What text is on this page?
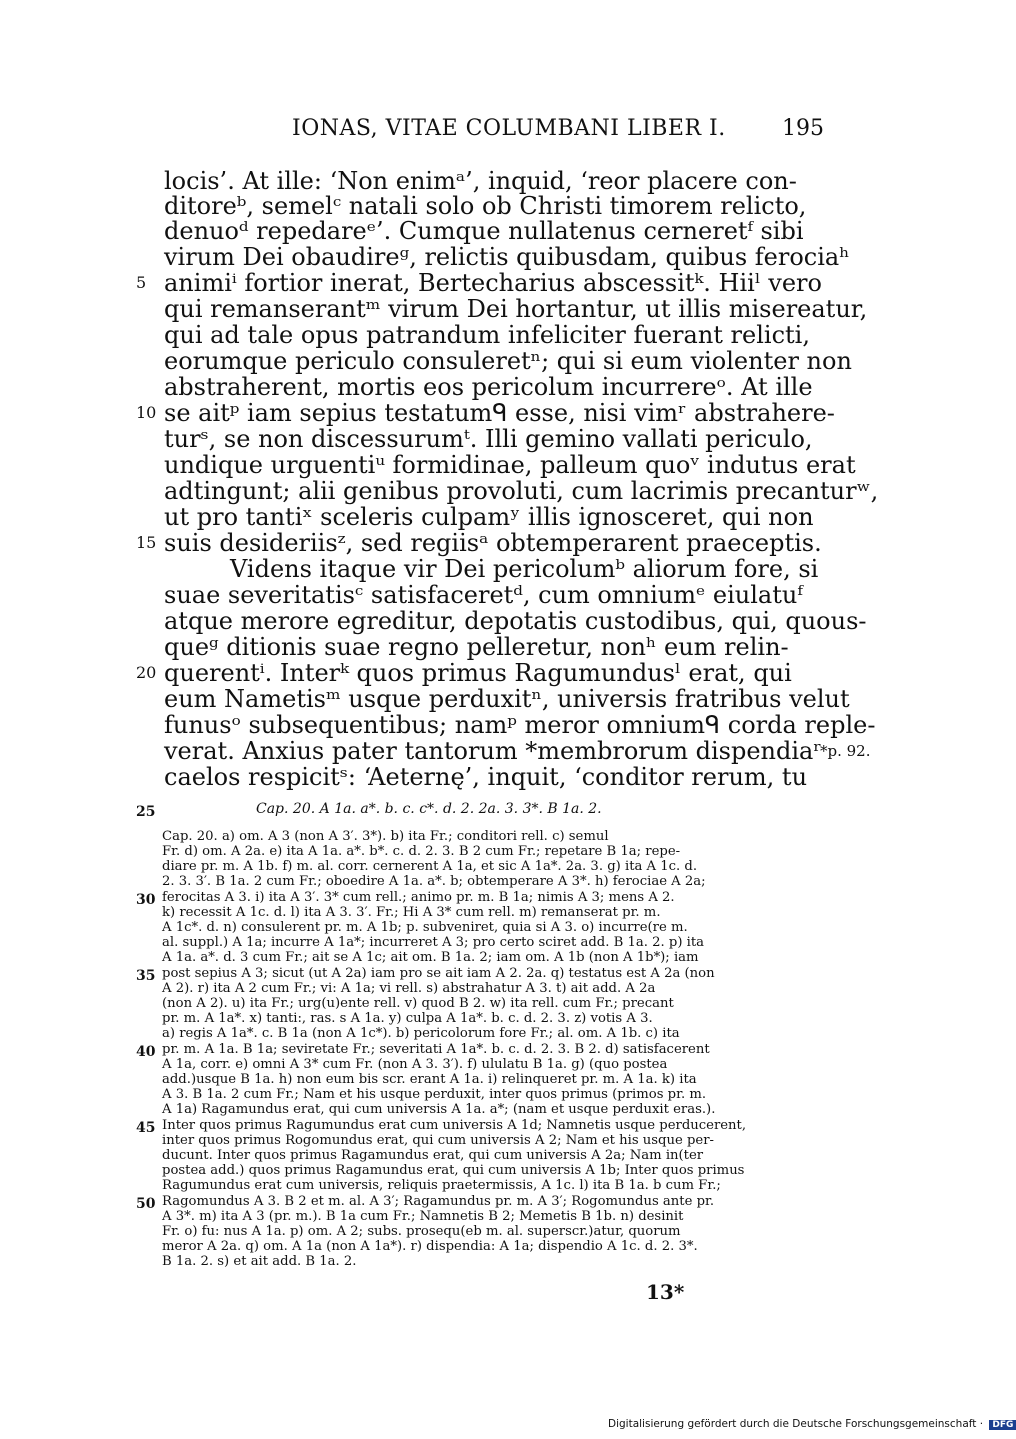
IONAS, VITAE COLUMBANI LIBER I.	195
locis’. At ille: ‘Non enimᵃ’, inquid, ‘reor placere con-
ditoreᵇ, semelᶜ natali solo ob Christi timorem relicto,
denuoᵈ repedareᵉ’. Cumque nullatenus cerneretᶠ sibi
virum Dei obaudireᵍ, relictis quibusdam, quibus ferociaʰ
animiⁱ fortior inerat, Bertecharius abscessitᵏ. Hiiˡ vero
qui remanserantᵐ virum Dei hortantur, ut illis misereatur,
qui ad tale opus patrandum infeliciter fuerant relicti,
eorumque periculo consuleretⁿ; qui si eum violenter non
abstraherent, mortis eos pericolum incurrereᵒ. At ille
se aitᵖ iam sepius testatumᑫ esse, nisi vimʳ abstrahere-
turˢ, se non discessurumᵗ. Illi gemino vallati periculo,
undique urguentiᵘ formidinae, palleum quoᵛ indutus erat
adtingunt; alii genibus provoluti, cum lacrimis precanturʷ,
ut pro tantiˣ sceleris culpamʸ illis ignosceret, qui non
suis desideriisᶻ, sed regiisᵃ obtemperarent praeceptis.
Videns itaque vir Dei pericolumᵇ aliorum fore, si
suae severitatisᶜ satisfaceretᵈ, cum omniumᵉ eiulatuᶠ
atque merore egreditur, depotatis custodibus, qui, quous-
queᵍ ditionis suae regno pelleretur, nonʰ eum relin-
querentⁱ. Interᵏ quos primus Ragumundusˡ erat, qui
eum Nametisᵐ usque perduxitⁿ, universis fratribus velut
funusᵒ subsequentibus; namᵖ meror omniumᑫ corda reple-
verat. Anxius pater tantorum *membrorum dispendiaʳ
caelos respicitˢ: ‘Aeternę’, inquit, ‘conditor rerum, tu
5
10
15
20
*p. 92.
25
30
35
40
45
50
Cap. 20. A 1a. a*. b. c. c*. d. 2. 2a. 3. 3*. B 1a. 2.
Cap. 20. a) om. A 3 (non A 3′. 3*). b) ita Fr.; conditori rell. c) semul
Fr. d) om. A 2a. e) ita A 1a. a*. b*. c. d. 2. 3. B 2 cum Fr.; repetare B 1a; repe-
diare pr. m. A 1b. f) m. al. corr. cernerent A 1a, et sic A 1a*. 2a. 3. g) ita A 1c. d.
2. 3. 3′. B 1a. 2 cum Fr.; oboedire A 1a. a*. b; obtemperare A 3*. h) ferociae A 2a;
ferocitas A 3. i) ita A 3′. 3* cum rell.; animo pr. m. B 1a; nimis A 3; mens A 2.
k) recessit A 1c. d. l) ita A 3. 3′. Fr.; Hi A 3* cum rell. m) remanserat pr. m.
A 1c*. d. n) consulerent pr. m. A 1b; p. subveniret, quia si A 3. o) incurre(re m.
al. suppl.) A 1a; incurre A 1a*; incurreret A 3; pro certo sciret add. B 1a. 2. p) ita
A 1a. a*. d. 3 cum Fr.; ait se A 1c; ait om. B 1a. 2; iam om. A 1b (non A 1b*); iam
post sepius A 3; sicut (ut A 2a) iam pro se ait iam A 2. 2a. q) testatus est A 2a (non
A 2). r) ita A 2 cum Fr.; vi: A 1a; vi rell. s) abstrahatur A 3. t) ait add. A 2a
(non A 2). u) ita Fr.; urg(u)ente rell. v) quod B 2. w) ita rell. cum Fr.; precant
pr. m. A 1a*. x) tanti:, ras. s A 1a. y) culpa A 1a*. b. c. d. 2. 3. z) votis A 3.
a) regis A 1a*. c. B 1a (non A 1c*). b) pericolorum fore Fr.; al. om. A 1b. c) ita
pr. m. A 1a. B 1a; seviretate Fr.; severitati A 1a*. b. c. d. 2. 3. B 2. d) satisfacerent
A 1a, corr. e) omni A 3* cum Fr. (non A 3. 3′). f) ululatu B 1a. g) (quo postea
add.)usque B 1a. h) non eum bis scr. erant A 1a. i) relinqueret pr. m. A 1a. k) ita
A 3. B 1a. 2 cum Fr.; Nam et his usque perduxit, inter quos primus (primos pr. m.
A 1a) Ragamundus erat, qui cum universis A 1a. a*; (nam et usque perduxit eras.).
Inter quos primus Ragumundus erat cum universis A 1d; Namnetis usque perducerent,
inter quos primus Rogomundus erat, qui cum universis A 2; Nam et his usque per-
ducunt. Inter quos primus Ragamundus erat, qui cum universis A 2a; Nam in(ter
postea add.) quos primus Ragamundus erat, qui cum universis A 1b; Inter quos primus
Ragumundus erat cum universis, reliquis praetermissis, A 1c. l) ita B 1a. b cum Fr.;
Ragomundus A 3. B 2 et m. al. A 3′; Ragamundus pr. m. A 3′; Rogomundus ante pr.
A 3*. m) ita A 3 (pr. m.). B 1a cum Fr.; Namnetis B 2; Memetis B 1b. n) desinit
Fr. o) fu: nus A 1a. p) om. A 2; subs. prosequ(eb m. al. superscr.)atur, quorum
meror A 2a. q) om. A 1a (non A 1a*). r) dispendia: A 1a; dispendio A 1c. d. 2. 3*.
B 1a. 2. s) et ait add. B 1a. 2.
13*
Digitalisierung gefördert durch die Deutsche Forschungsgemeinschaft · DFG
